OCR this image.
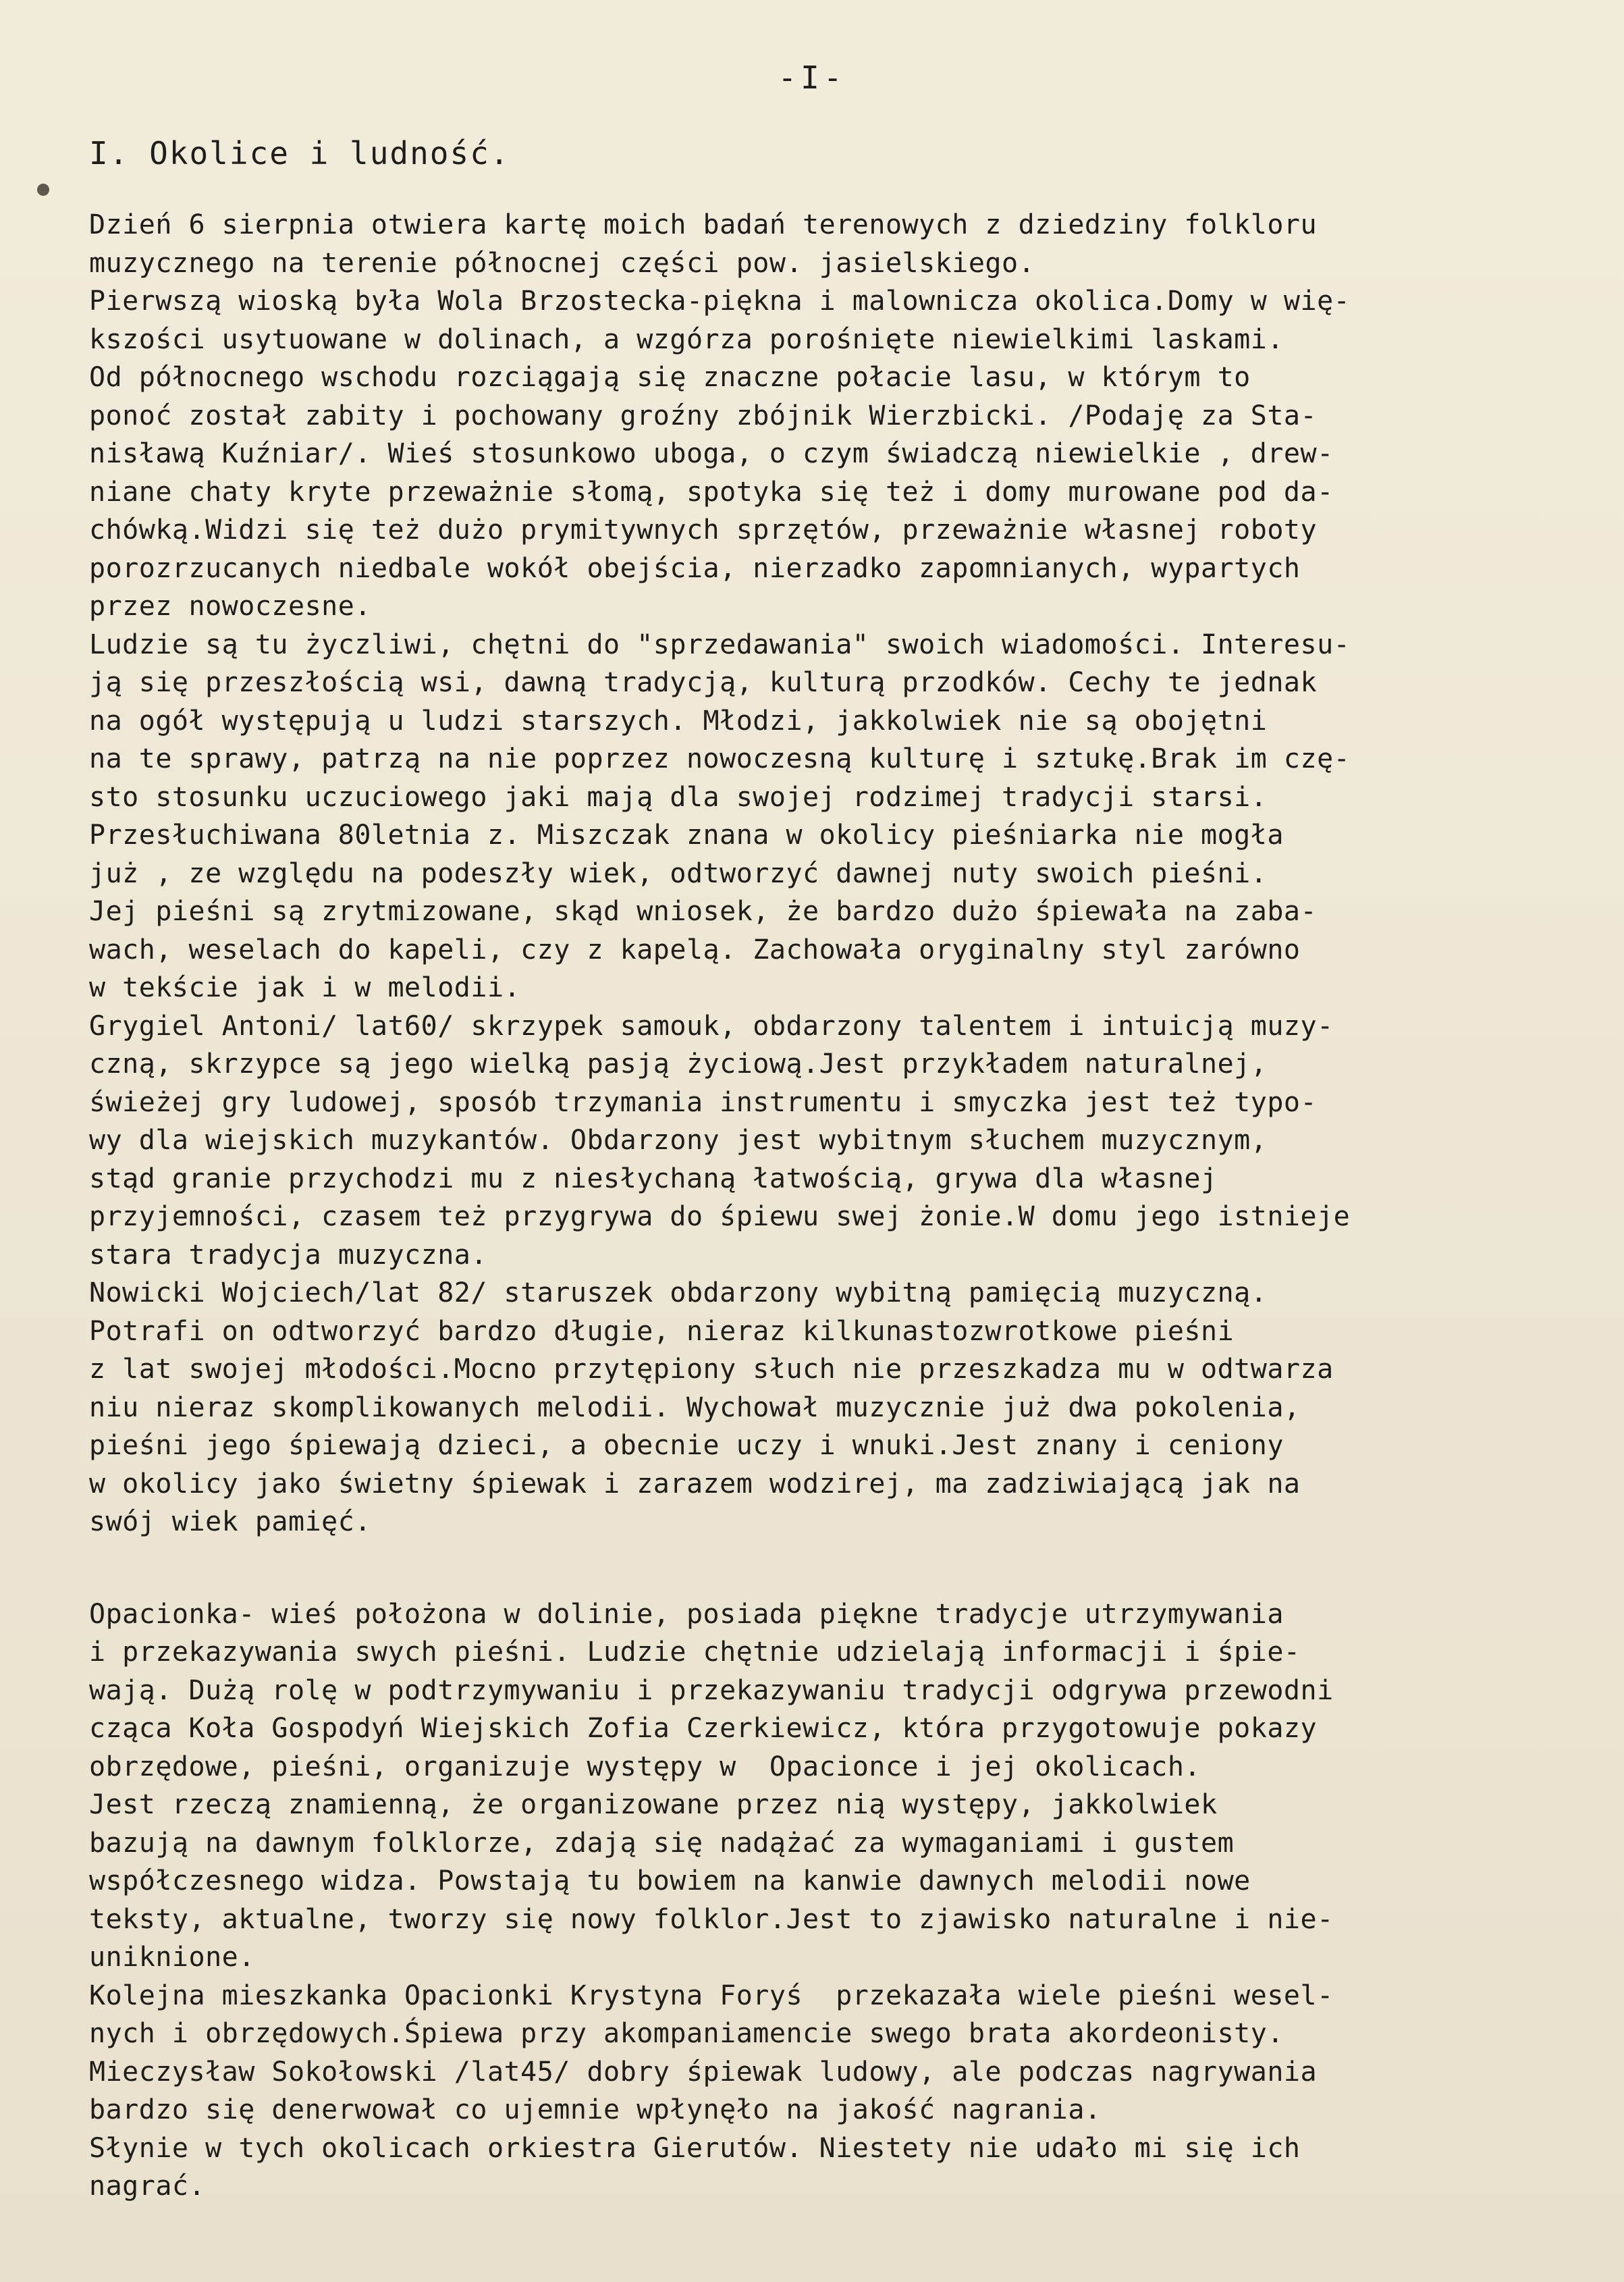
-I-
I. Okolice i ludność.
Dzień 6 sierpnia otwiera kartę moich badań terenowych z dziedziny folkloru
muzycznego na terenie północnej części pow. jasielskiego.
Pierwszą wioską była Wola Brzostecka-piękna i malownicza okolica.Domy w wię-
kszości usytuowane w dolinach, a wzgórza porośnięte niewielkimi laskami.
Od północnego wschodu rozciągają się znaczne połacie lasu, w którym to
ponoć został zabity i pochowany groźny zbójnik Wierzbicki. /Podaję za Sta-
nisławą Kuźniar/. Wieś stosunkowo uboga, o czym świadczą niewielkie , drew-
niane chaty kryte przeważnie słomą, spotyka się też i domy murowane pod da-
chówką.Widzi się też dużo prymitywnych sprzętów, przeważnie własnej roboty
porozrzucanych niedbale wokół obejścia, nierzadko zapomnianych, wypartych
przez nowoczesne.
Ludzie są tu życzliwi, chętni do "sprzedawania" swoich wiadomości. Interesu-
ją się przeszłością wsi, dawną tradycją, kulturą przodków. Cechy te jednak
na ogół występują u ludzi starszych. Młodzi, jakkolwiek nie są obojętni
na te sprawy, patrzą na nie poprzez nowoczesną kulturę i sztukę.Brak im czę-
sto stosunku uczuciowego jaki mają dla swojej rodzimej tradycji starsi.
Przesłuchiwana 80letnia z. Miszczak znana w okolicy pieśniarka nie mogła
już , ze względu na podeszły wiek, odtworzyć dawnej nuty swoich pieśni.
Jej pieśni są zrytmizowane, skąd wniosek, że bardzo dużo śpiewała na zaba-
wach, weselach do kapeli, czy z kapelą. Zachowała oryginalny styl zarówno
w tekście jak i w melodii.
Grygiel Antoni/ lat60/ skrzypek samouk, obdarzony talentem i intuicją muzy-
czną, skrzypce są jego wielką pasją życiową.Jest przykładem naturalnej,
świeżej gry ludowej, sposób trzymania instrumentu i smyczka jest też typo-
wy dla wiejskich muzykantów. Obdarzony jest wybitnym słuchem muzycznym,
stąd granie przychodzi mu z niesłychaną łatwością, grywa dla własnej
przyjemności, czasem też przygrywa do śpiewu swej żonie.W domu jego istnieje
stara tradycja muzyczna.
Nowicki Wojciech/lat 82/ staruszek obdarzony wybitną pamięcią muzyczną.
Potrafi on odtworzyć bardzo długie, nieraz kilkunastozwrotkowe pieśni
z lat swojej młodości.Mocno przytępiony słuch nie przeszkadza mu w odtwarza
niu nieraz skomplikowanych melodii. Wychował muzycznie już dwa pokolenia,
pieśni jego śpiewają dzieci, a obecnie uczy i wnuki.Jest znany i ceniony
w okolicy jako świetny śpiewak i zarazem wodzirej, ma zadziwiającą jak na
swój wiek pamięć.
Opacionka- wieś położona w dolinie, posiada piękne tradycje utrzymywania
i przekazywania swych pieśni. Ludzie chętnie udzielają informacji i śpie-
wają. Dużą rolę w podtrzymywaniu i przekazywaniu tradycji odgrywa przewodni
cząca Koła Gospodyń Wiejskich Zofia Czerkiewicz, która przygotowuje pokazy
obrzędowe, pieśni, organizuje występy w  Opacionce i jej okolicach.
Jest rzeczą znamienną, że organizowane przez nią występy, jakkolwiek
bazują na dawnym folklorze, zdają się nadążać za wymaganiami i gustem
współczesnego widza. Powstają tu bowiem na kanwie dawnych melodii nowe
teksty, aktualne, tworzy się nowy folklor.Jest to zjawisko naturalne i nie-
uniknione.
Kolejna mieszkanka Opacionki Krystyna Foryś  przekazała wiele pieśni wesel-
nych i obrzędowych.Śpiewa przy akompaniamencie swego brata akordeonisty.
Mieczysław Sokołowski /lat45/ dobry śpiewak ludowy, ale podczas nagrywania
bardzo się denerwował co ujemnie wpłynęło na jakość nagrania.
Słynie w tych okolicach orkiestra Gierutów. Niestety nie udało mi się ich
nagrać.
